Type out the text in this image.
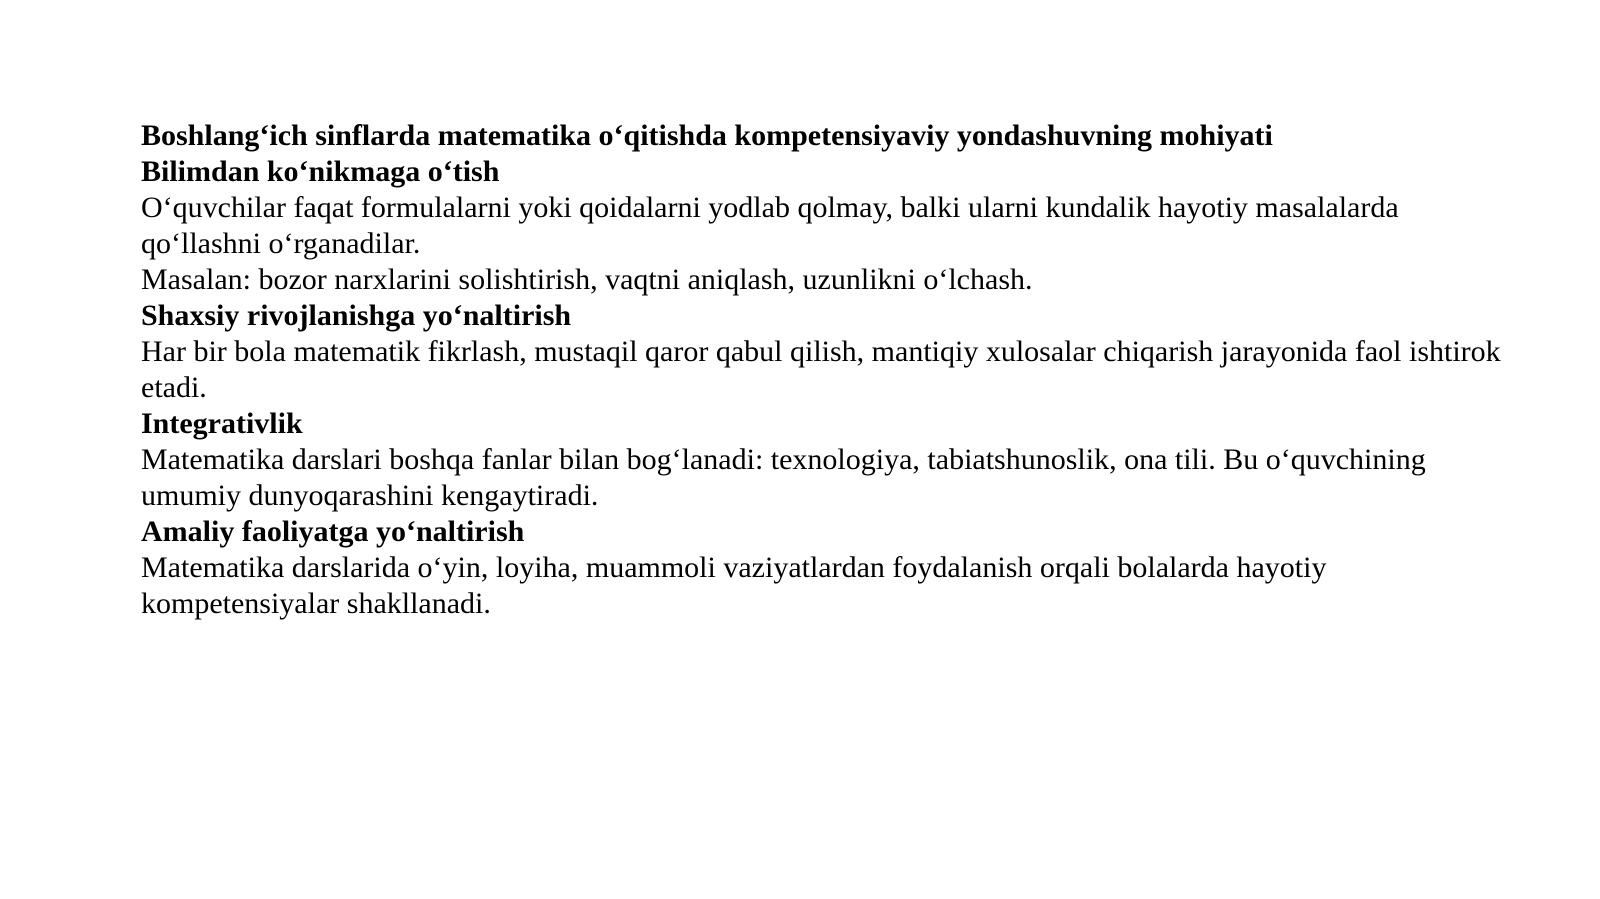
Boshlang‘ich sinflarda matematika o‘qitishda kompetensiyaviy yondashuvning mohiyati

Bilimdan ko‘nikmaga o‘tish

O‘quvchilar faqat formulalarni yoki qoidalarni yodlab qolmay, balki ularni kundalik hayotiy masalalarda qo‘llashni o‘rganadilar.

Masalan: bozor narxlarini solishtirish, vaqtni aniqlash, uzunlikni o‘lchash.

Shaxsiy rivojlanishga yo‘naltirish

Har bir bola matematik fikrlash, mustaqil qaror qabul qilish, mantiqiy xulosalar chiqarish jarayonida faol ishtirok etadi.

Integrativlik

Matematika darslari boshqa fanlar bilan bog‘lanadi: texnologiya, tabiatshunoslik, ona tili. Bu o‘quvchining umumiy dunyoqarashini kengaytiradi.

Amaliy faoliyatga yo‘naltirish

Matematika darslarida o‘yin, loyiha, muammoli vaziyatlardan foydalanish orqali bolalarda hayotiy kompetensiyalar shakllanadi.
